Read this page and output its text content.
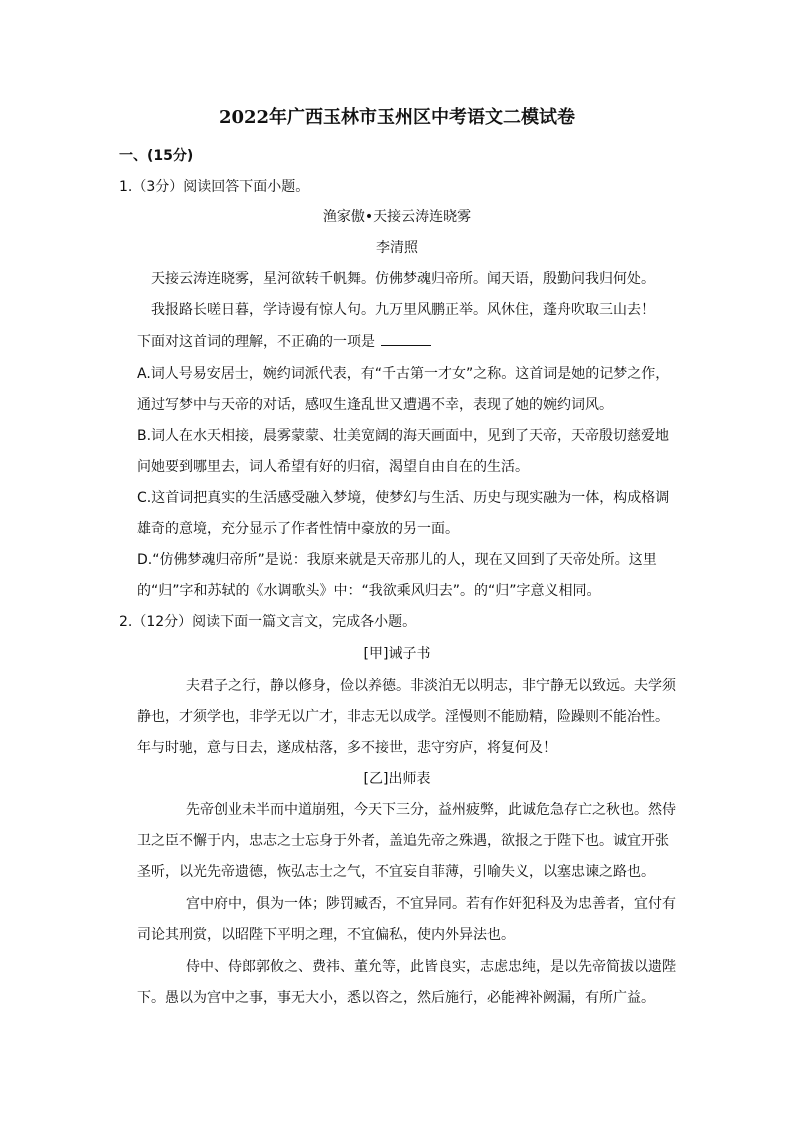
2022年广西玉林市玉州区中考语文二模试卷
一、(15分)
1.（3分）阅读回答下面小题。
渔家傲•天接云涛连晓雾
李清照
天接云涛连晓雾，星河欲转千帆舞。仿佛梦魂归帝所。闻天语，殷勤问我归何处。
我报路长嗟日暮，学诗谩有惊人句。九万里风鹏正举。风休住，蓬舟吹取三山去！
下面对这首词的理解，不正确的一项是
A.词人号易安居士，婉约词派代表，有“千古第一才女”之称。这首词是她的记梦之作，
通过写梦中与天帝的对话，感叹生逢乱世又遭遇不幸，表现了她的婉约词风。
B.词人在水天相接，晨雾蒙蒙、壮美宽阔的海天画面中，见到了天帝，天帝殷切慈爱地
问她要到哪里去，词人希望有好的归宿，渴望自由自在的生活。
C.这首词把真实的生活感受融入梦境，使梦幻与生活、历史与现实融为一体，构成格调
雄奇的意境，充分显示了作者性情中豪放的另一面。
D.“仿佛梦魂归帝所”是说：我原来就是天帝那儿的人，现在又回到了天帝处所。这里
的“归”字和苏轼的《水调歌头》中：“我欲乘风归去”。的“归”字意义相同。
2.（12分）阅读下面一篇文言文，完成各小题。
[甲]诫子书
夫君子之行，静以修身，俭以养德。非淡泊无以明志，非宁静无以致远。夫学须
静也，才须学也，非学无以广才，非志无以成学。淫慢则不能励精，险躁则不能冶性。
年与时驰，意与日去，遂成枯落，多不接世，悲守穷庐，将复何及！
[乙]出师表
先帝创业未半而中道崩殂，今天下三分，益州疲弊，此诚危急存亡之秋也。然侍
卫之臣不懈于内，忠志之士忘身于外者，盖追先帝之殊遇，欲报之于陛下也。诚宜开张
圣听，以光先帝遗德，恢弘志士之气，不宜妄自菲薄，引喻失义，以塞忠谏之路也。
宫中府中，俱为一体；陟罚臧否，不宜异同。若有作奸犯科及为忠善者，宜付有
司论其刑赏，以昭陛下平明之理，不宜偏私，使内外异法也。
侍中、侍郎郭攸之、费祎、董允等，此皆良实，志虑忠纯，是以先帝简拔以遗陛
下。愚以为宫中之事，事无大小，悉以咨之，然后施行，必能裨补阙漏，有所广益。
